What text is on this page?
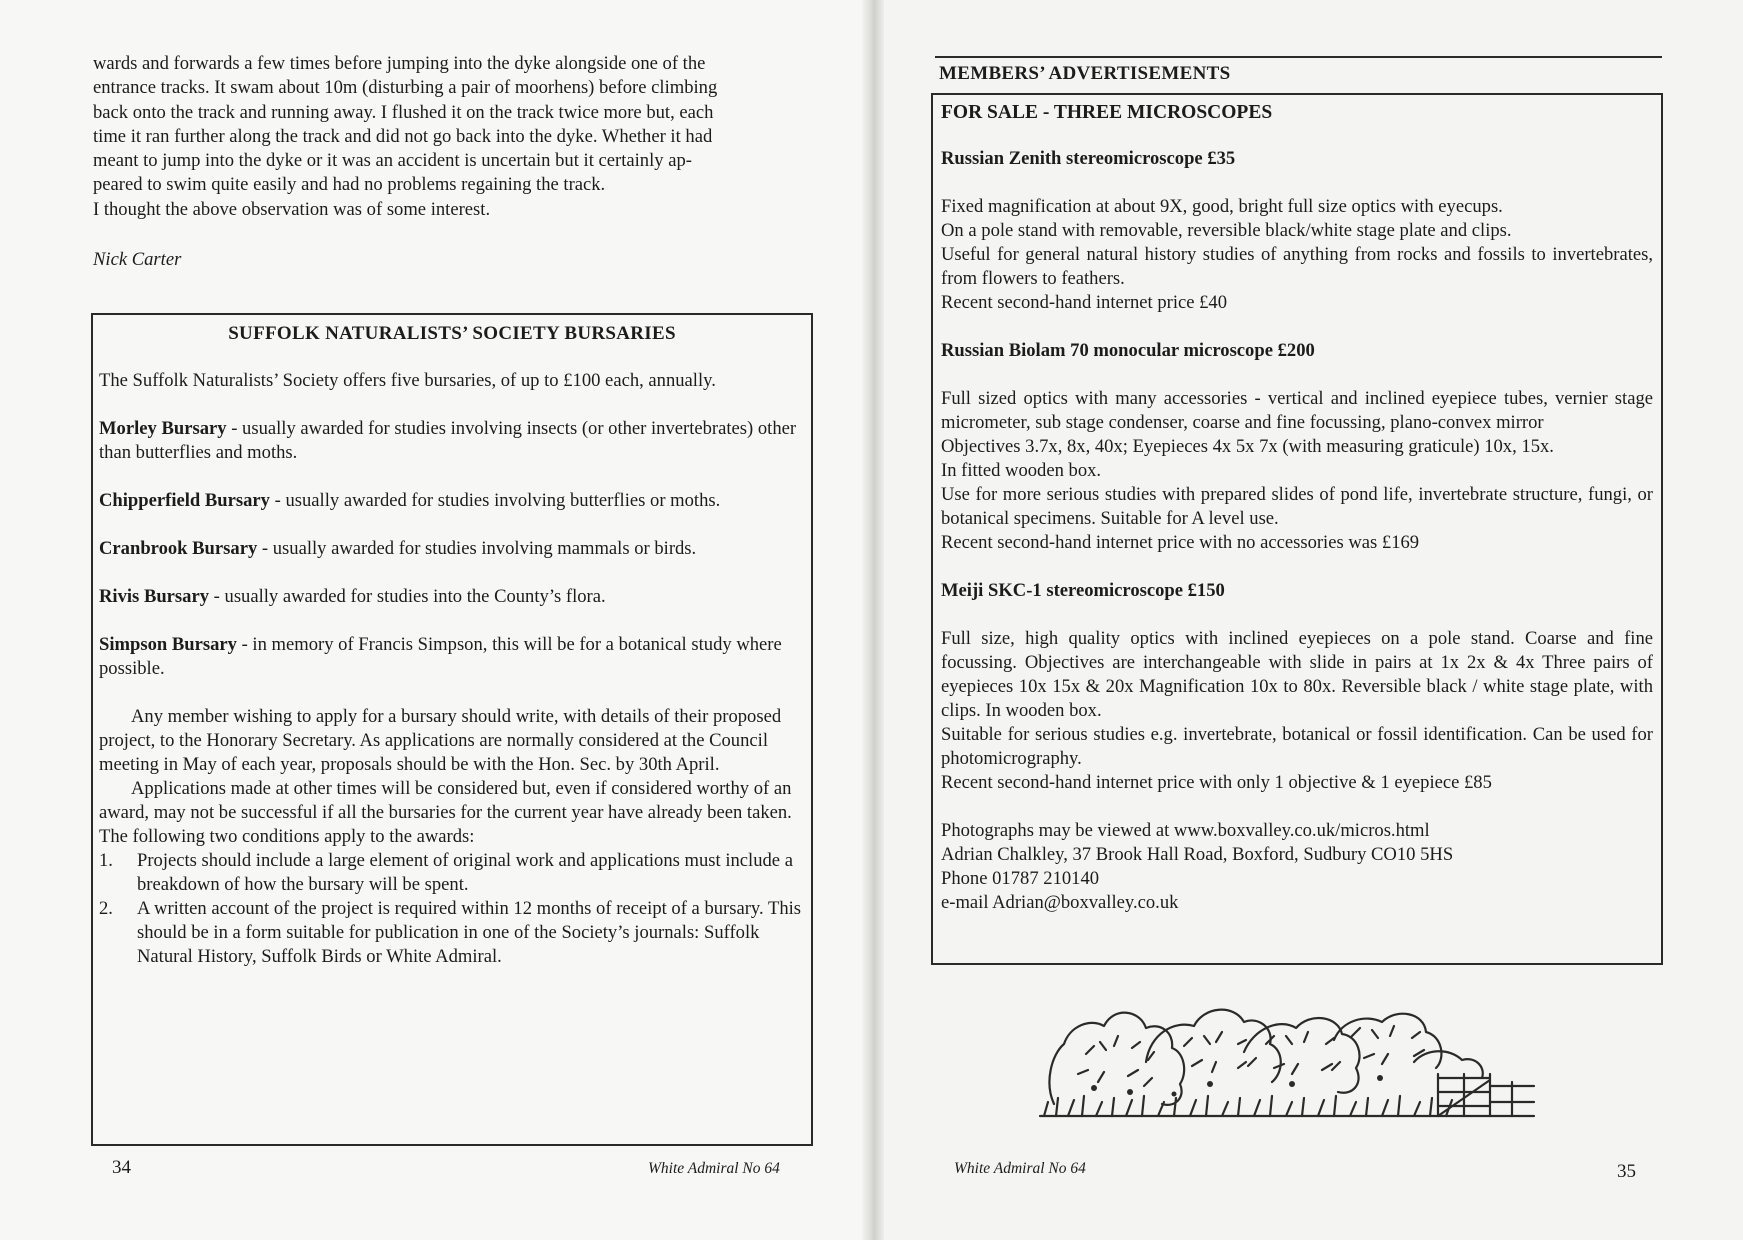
wards and forwards a few times before jumping into the dyke alongside one of the
entrance tracks. It swam about 10m (disturbing a pair of moorhens) before climbing
back onto the track and running away. I flushed it on the track twice more but, each
time it ran further along the track and did not go back into the dyke. Whether it had
meant to jump into the dyke or it was an accident is uncertain but it certainly ap-
peared to swim quite easily and had no problems regaining the track.
I thought the above observation was of some interest.
Nick Carter
SUFFOLK NATURALISTS’ SOCIETY BURSARIES

The Suffolk Naturalists’ Society offers five bursaries, of up to £100 each, annually.

Morley Bursary - usually awarded for studies involving insects (or other invertebrates) other than butterflies and moths.

Chipperfield Bursary - usually awarded for studies involving butterflies or moths.

Cranbrook Bursary - usually awarded for studies involving mammals or birds.

Rivis Bursary - usually awarded for studies into the County’s flora.

Simpson Bursary - in memory of Francis Simpson, this will be for a botanical study where possible.

Any member wishing to apply for a bursary should write, with details of their proposed project, to the Honorary Secretary. As applications are normally considered at the Council meeting in May of each year, proposals should be with the Hon. Sec. by 30th April.

Applications made at other times will be considered but, even if considered worthy of an award, may not be successful if all the bursaries for the current year have already been taken.

The following two conditions apply to the awards:

1. Projects should include a large element of original work and applications must include a breakdown of how the bursary will be spent.
2. A written account of the project is required within 12 months of receipt of a bursary. This should be in a form suitable for publication in one of the Society’s journals: Suffolk Natural History, Suffolk Birds or White Admiral.
34	White Admiral No 64
MEMBERS’ ADVERTISEMENTS
FOR SALE - THREE MICROSCOPES
Russian Zenith stereomicroscope £35

Fixed magnification at about 9X, good, bright full size optics with eyecups.

On a pole stand with removable, reversible black/white stage plate and clips.

Useful for general natural history studies of anything from rocks and fossils to invertebrates, from flowers to feathers.

Recent second-hand internet price £40

Russian Biolam 70 monocular microscope £200

Full sized optics with many accessories - vertical and inclined eyepiece tubes, vernier stage micrometer, sub stage condenser, coarse and fine focussing, plano-convex mirror

Objectives 3.7x, 8x, 40x; Eyepieces 4x 5x 7x (with measuring graticule) 10x, 15x.

In fitted wooden box.

Use for more serious studies with prepared slides of pond life, invertebrate structure, fungi, or botanical specimens. Suitable for A level use.

Recent second-hand internet price with no accessories was £169

Meiji SKC-1 stereomicroscope £150

Full size, high quality optics with inclined eyepieces on a pole stand. Coarse and fine focussing. Objectives are interchangeable with slide in pairs at 1x 2x & 4x Three pairs of eyepieces 10x 15x & 20x Magnification 10x to 80x. Reversible black / white stage plate, with clips. In wooden box.

Suitable for serious studies e.g. invertebrate, botanical or fossil identification. Can be used for photomicrography.

Recent second-hand internet price with only 1 objective & 1 eyepiece £85

Photographs may be viewed at www.boxvalley.co.uk/micros.html

Adrian Chalkley, 37 Brook Hall Road, Boxford, Sudbury CO10 5HS

Phone 01787 210140

e-mail Adrian@boxvalley.co.uk

White Admiral No 64	35
